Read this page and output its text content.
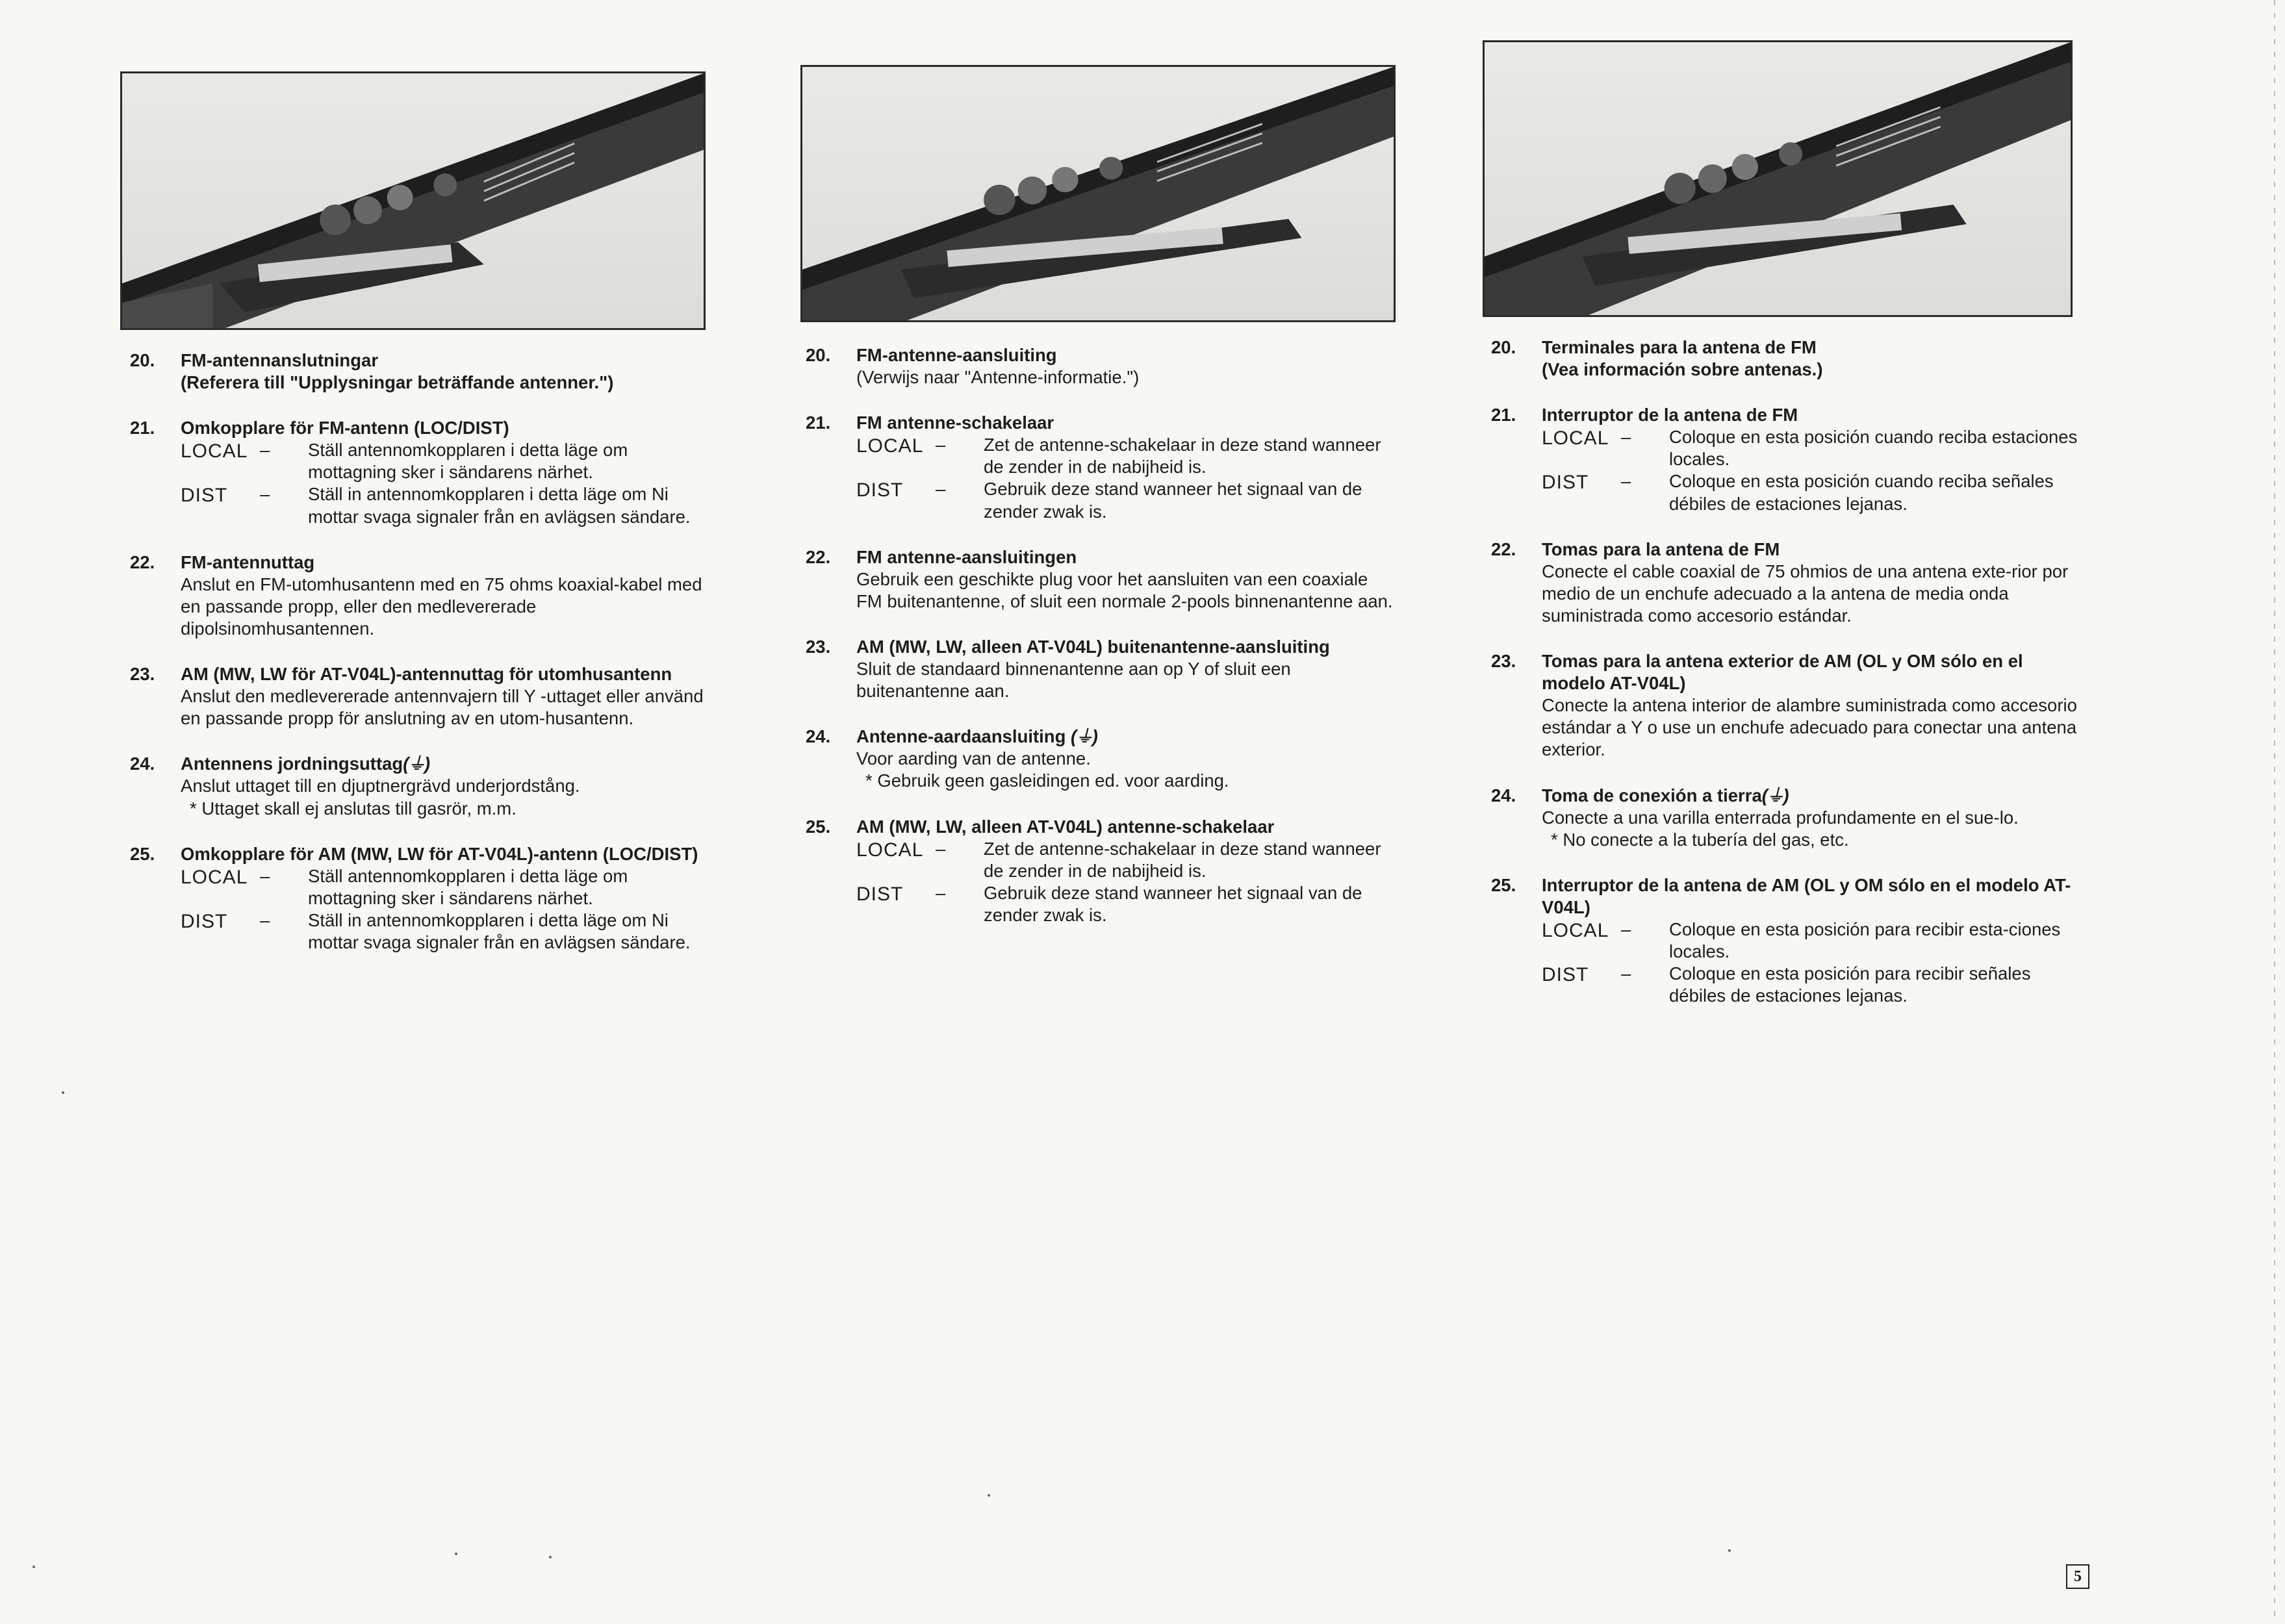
20. FM-antennanslutningar
(Referera till "Upplysningar beträffande antenner.")
21. Omkopplare för FM-antenn (LOC/DIST)
LOCAL – Ställ antennomkopplaren i detta läge om mottagning sker i sändarens närhet.
DIST – Ställ in antennomkopplaren i detta läge om Ni mottar svaga signaler från en avlägsen sändare.
22. FM-antennuttag
Anslut en FM-utomhusantenn med en 75 ohms koaxial-kabel med en passande propp, eller den medlevererade dipolsinomhusantennen.
23. AM (MW, LW för AT-V04L)-antennuttag för utomhusantenn
Anslut den medlevererade antennvajern till Y -uttaget eller använd en passande propp för anslutning av en utom-husantenn.
24. Antennens jordningsuttag(⏚)
Anslut uttaget till en djuptnergrävd underjordstång.
* Uttaget skall ej anslutas till gasrör, m.m.
25. Omkopplare för AM (MW, LW för AT-V04L)-antenn (LOC/DIST)
LOCAL – Ställ antennomkopplaren i detta läge om mottagning sker i sändarens närhet.
DIST – Ställ in antennomkopplaren i detta läge om Ni mottar svaga signaler från en avlägsen sändare.
20. FM-antenne-aansluiting
(Verwijs naar "Antenne-informatie.")
21. FM antenne-schakelaar
LOCAL – Zet de antenne-schakelaar in deze stand wanneer de zender in de nabijheid is.
DIST – Gebruik deze stand wanneer het signaal van de zender zwak is.
22. FM antenne-aansluitingen
Gebruik een geschikte plug voor het aansluiten van een coaxiale FM buitenantenne, of sluit een normale 2-pools binnenantenne aan.
23. AM (MW, LW, alleen AT-V04L) buitenantenne-aansluiting
Sluit de standaard binnenantenne aan op Y of sluit een buitenantenne aan.
24. Antenne-aardaansluiting (⏚)
Voor aarding van de antenne.
* Gebruik geen gasleidingen ed. voor aarding.
25. AM (MW, LW, alleen AT-V04L) antenne-schakelaar
LOCAL – Zet de antenne-schakelaar in deze stand wanneer de zender in de nabijheid is.
DIST – Gebruik deze stand wanneer het signaal van de zender zwak is.
20. Terminales para la antena de FM
(Vea información sobre antenas.)
21. Interruptor de la antena de FM
LOCAL – Coloque en esta posición cuando reciba estaciones locales.
DIST – Coloque en esta posición cuando reciba señales débiles de estaciones lejanas.
22. Tomas para la antena de FM
Conecte el cable coaxial de 75 ohmios de una antena exte-rior por medio de un enchufe adecuado a la antena de media onda suministrada como accesorio estándar.
23. Tomas para la antena exterior de AM (OL y OM sólo en el modelo AT-V04L)
Conecte la antena interior de alambre suministrada como accesorio estándar a Y o use un enchufe adecuado para conectar una antena exterior.
24. Toma de conexión a tierra(⏚)
Conecte a una varilla enterrada profundamente en el sue-lo.
* No conecte a la tubería del gas, etc.
25. Interruptor de la antena de AM (OL y OM sólo en el modelo AT-V04L)
LOCAL – Coloque en esta posición para recibir esta-ciones locales.
DIST – Coloque en esta posición para recibir señales débiles de estaciones lejanas.
5
